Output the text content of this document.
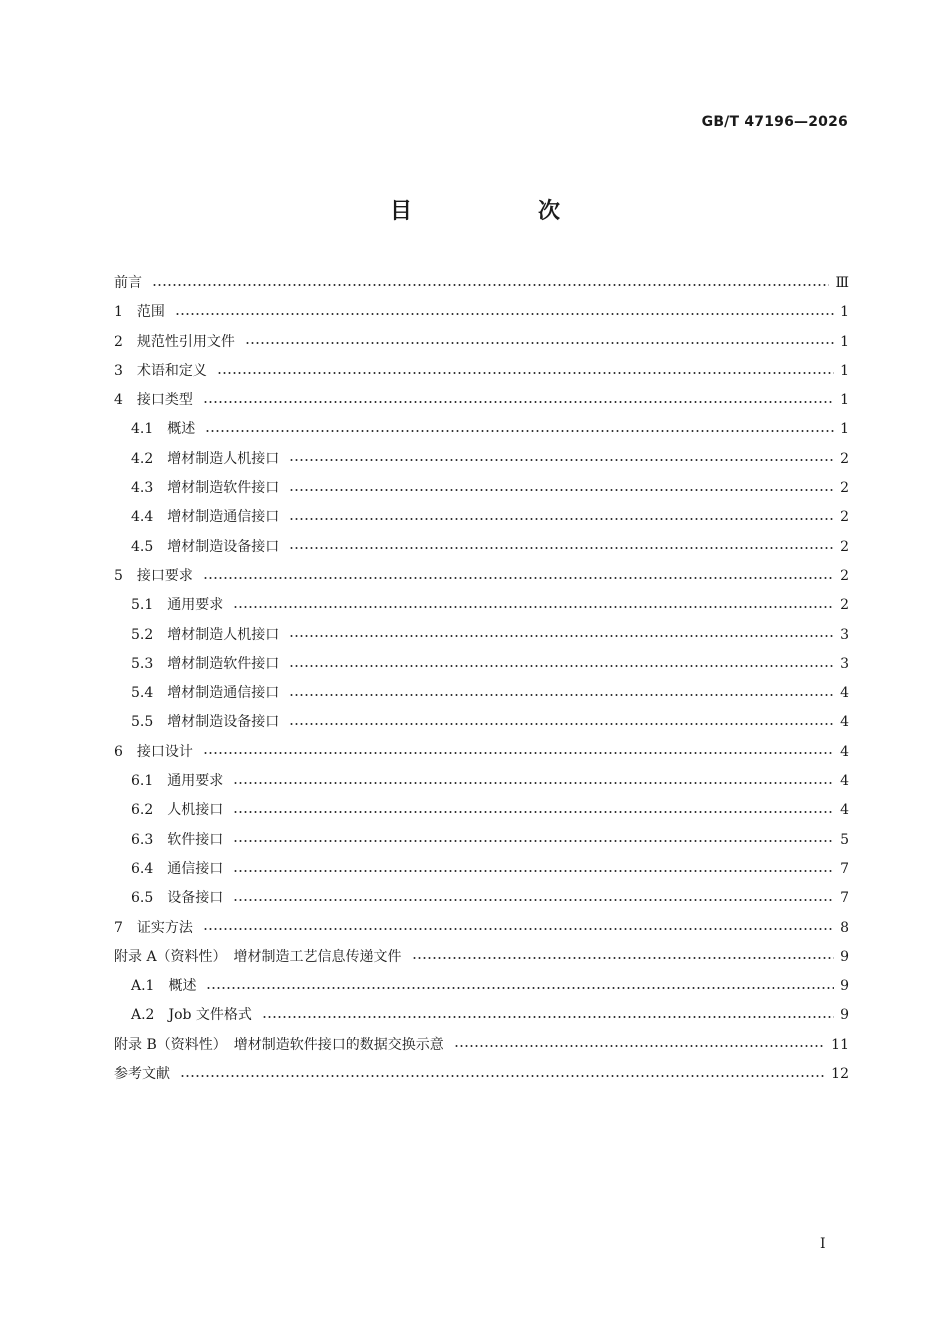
GB/T 47196—2026
目　次
前言	Ⅲ
1 范围	1
2 规范性引用文件	1
3 术语和定义	1
4 接口类型	1
4.1 概述	1
4.2 增材制造人机接口	2
4.3 增材制造软件接口	2
4.4 增材制造通信接口	2
4.5 增材制造设备接口	2
5 接口要求	2
5.1 通用要求	2
5.2 增材制造人机接口	3
5.3 增材制造软件接口	3
5.4 增材制造通信接口	4
5.5 增材制造设备接口	4
6 接口设计	4
6.1 通用要求	4
6.2 人机接口	4
6.3 软件接口	5
6.4 通信接口	7
6.5 设备接口	7
7 证实方法	8
附录 A（资料性）　增材制造工艺信息传递文件	9
A.1 概述	9
A.2 Job 文件格式	9
附录 B（资料性）　增材制造软件接口的数据交换示意	11
参考文献	12
I
